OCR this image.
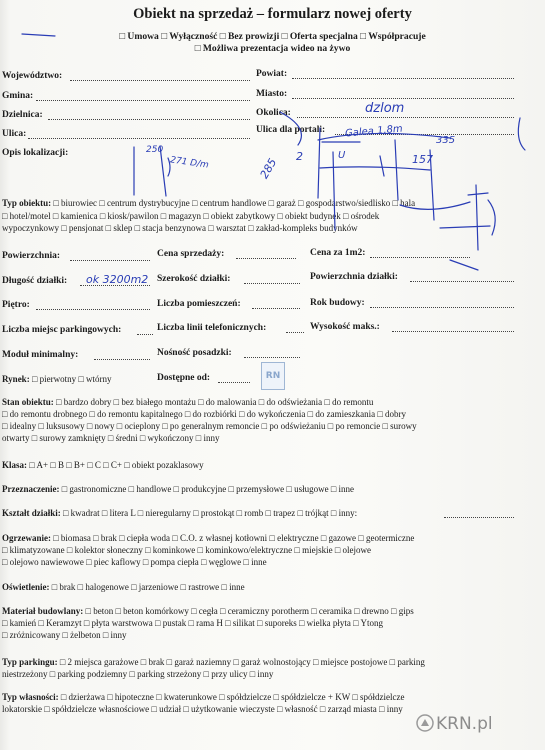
Obiekt na sprzedaż – formularz nowej oferty
□ Umowa □ Wyłączność □ Bez prowizji □ Oferta specjalna □ Współpracuje
□ Możliwa prezentacja wideo na żywo
Województwo:	Powiat:
Gmina:	Miasto:
Dzielnica:	Okolica:
Ulica:	Ulica dla portali:
Opis lokalizacji:
Typ obiektu: □ biurowiec □ centrum dystrybucyjne □ centrum handlowe □ garaż □ gospodarstwo/siedlisko □ hala
□ hotel/motel □ kamienica □ kiosk/pawilon □ magazyn □ obiekt zabytkowy □ obiekt budynek □ ośrodek
wypoczynkowy □ pensjonat □ sklep □ stacja benzynowa □ warsztat □ zakład-kompleks budynków
Powierzchnia:	Cena sprzedaży:	Cena za 1m2:
Długość działki:	Szerokość działki:	Powierzchnia działki:
Piętro:	Liczba pomieszczeń:	Rok budowy:
Liczba miejsc parkingowych:	Liczba linii telefonicznych:	Wysokość maks.:
Moduł minimalny:	Nośność posadzki:
Rynek: □ pierwotny □ wtórny	Dostępne od:
Stan obiektu: □ bardzo dobry □ bez białego montażu □ do malowania □ do odświeżania □ do remontu
□ do remontu drobnego □ do remontu kapitalnego □ do rozbiórki □ do wykończenia □ do zamieszkania □ dobry
□ idealny □ luksusowy □ nowy □ ocieplony □ po generalnym remoncie □ po odświeżaniu □ po remoncie □ surowy
otwarty □ surowy zamknięty □ średni □ wykończony □ inny
Klasa: □ A+ □ B □ B+ □ C □ C+ □ obiekt pozaklasowy
Przeznaczenie: □ gastronomiczne □ handlowe □ produkcyjne □ przemysłowe □ usługowe □ inne
Kształt działki: □ kwadrat □ litera L □ nieregularny □ prostokąt □ romb □ trapez □ trójkąt □ inny:
Ogrzewanie: □ biomasa □ brak □ ciepła woda □ C.O. z własnej kotłowni □ elektryczne □ gazowe □ geotermiczne
□ klimatyzowane □ kolektor słoneczny □ kominkowe □ kominkowo/elektryczne □ miejskie □ olejowe
□ olejowo nawiewowe □ piec kaflowy □ pompa ciepła □ węglowe □ inne
Oświetlenie: □ brak □ halogenowe □ jarzeniowe □ rastrowe □ inne
Materiał budowlany: □ beton □ beton komórkowy □ cegła □ ceramiczny porotherm □ ceramika □ drewno □ gips
□ kamień □ Keramzyt □ płyta warstwowa □ pustak □ rama H □ silikat □ suporeks □ wielka płyta □ Ytong
□ zróżnicowany □ żelbeton □ inny
Typ parkingu: □ 2 miejsca garażowe □ brak □ garaż naziemny □ garaż wolnostojący □ miejsce postojowe □ parking
niestrzeżony □ parking podziemny □ parking strzeżony □ przy ulicy □ inny
Typ własności: □ dzierżawa □ hipoteczne □ kwaterunkowe □ spółdzielcze □ spółdzielcze + KW □ spółdzielcze
lokatorskie □ spółdzielcze własnościowe □ udział □ użytkowanie wieczyste □ własność □ zarząd miasta □ inny
ǳlom
Galea 1,8m
250
271 D/m
ok 3200m2
285 2	U	157
335
RN
KRN.pl
